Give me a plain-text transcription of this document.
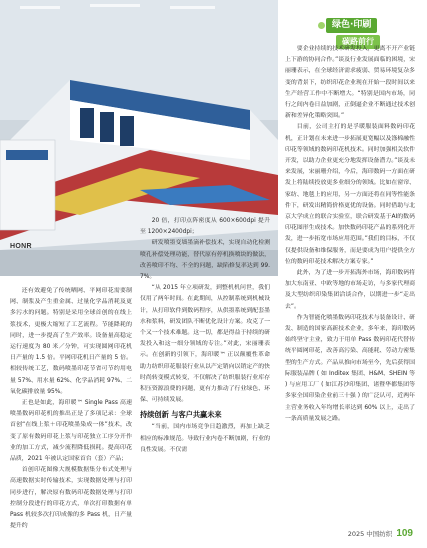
HONR
绿色·印刷
碳路前行

还有效避免了传统晒网、平网印花需要制网、制浆及产生重金属、过量化学品消耗及更多污水的问题。特别是采用全球首创的在线上浆技术，更极大缩短了工艺流程。节能降耗的同时，进一步提高了生产效率。设备量高稳定运行速度为 80 米／分钟，可实现圆网印花机日产量的 1.5 倍。平网印花机日产量的 5 倍。相较传统工艺，数码喷墨印花节省可节约用电量 57%、用水量 62%、化学品消耗 97%、二氧化碳排放量 95%。

正也是如此，海印暖™ Single Pass 高速喷墨数码印花机的推出正是了多项记录：全球首创“在线上浆＋印花喷墨染成一体”技术，改变了原有数码印花上浆与印花独立工序分开作业的加工方式，减少流程降低损耗。提高印花品质，2021 年被认定国家首台（套）产品；

首创印花图像大规模数据集分布式处理与高速数据实时传输技术，实现数据处理与打印同步进行，解决原有数码印花数据处理与打印控制分段进行的印花方式，单次打印数据有单 Pass 机较多次打印成像的多 Pass 机，日产量提升约

20 倍，打印点阵密度从 600×600dpi 提升至 1200×2400dpi；

研发喷墨变墙墨滴补偿技术，实现自动化检测喷孔补偿处理功能，替代原有停机换喷块的做法，改善喷印不均、不全的问题，缺陷修复率达到 99.7%。

“从 2015 年立项研发，到整机机问世，我们仅用了两年时间。在此期间，从控制系统到机械设计，从打印软件到数码程序，从供墨系统到配套墨水和浆料，研发团队不断优化设计方案。攻克了一个又一个技术难题。这一切，都是得益于持续的研发投入和这一细分领域的专注。”对此，宋丽珊表示。在创新的引领下，海印暖™ 正以颠覆性革命助力纺织印花服装行业从以产定销向以销定产的快时尚转变模式转变，不仅解决了纺织服装行业库存积压资源浪费的问题，更有力推动了行业绿色、环保、可持续发展。

持续创新 与客户共赢未来

“当前，国内市场竞争日趋激烈，再加上缺乏相应的标准规范。导致行业内卷不断加剧，行业的良性发展。不仅需

要企业持续的技术研发投入，更离不开产业链上下游的协同合作。”谈及行业发展面临的困境，宋丽珊表示，在全球经济需求疲弱、贸易环境复杂多变的背景下，纺织印花企业现在开始一段时间以来生产经营工作中不断增大。“特别是国内市场，同行之间内卷日益加剧，正倒逼企业不断通过技术创新和差异化策略突围。”

目前，公司主打的是孚暖服装面料数码印花机，正计划在未来进一步拓展更宽幅以及涤棉融性印花等领域的数码印花机技术。同时加强相关软件开发，以助力企业更充分地发挥设备潜力。”谈及未来发展，宋丽珊介绍，今后，海印数码一方面在研发上将陆续投放更多业细分的领域。比如在窗帘、家纺、地毯上的应用，另一方面还将在同等性能条件下，研发出精简价格更优的设备。同时借助与北京大学成立的联合实验室，联合研发基于AI的数码印花图形生成技术。加快数码印花产品的系列化开发，进一步拓宽市场应用范围。”我们的目标，不仅仅提供设备和维保服务，而是要成为用户提供全方位的数码印花技术解决方案专家。”

此外，为了进一步开拓海外市场，海印数码将加大东南亚、中欧等地的市场走访，与多家代理商及大型纺织印染集团洽谈合作，以期进一步“走出去”。

作为智能化喷墨数码印花技术与装备设计、研发、制造的国家高新技术企业，多年来，海印数码始终坚守主业，致力于用单 Pass 数码印花代替传统平圆网印花，改善高污染、高能耗、劳动力密集型的生产方式。产品从推向市场至今，先后获得国际服装品牌 ( 如 Inditex 集团、H&M、SHEIN 等 ) 与应用工厂 ( 如江苏沙印集团、诸暨华都集团等多家全国印染企业前三十强 ) 的广泛认可，近两年主营业务收入年均增长率达到 60% 以上，走出了一条高质量发展之路。

2025 中国纺织 109
